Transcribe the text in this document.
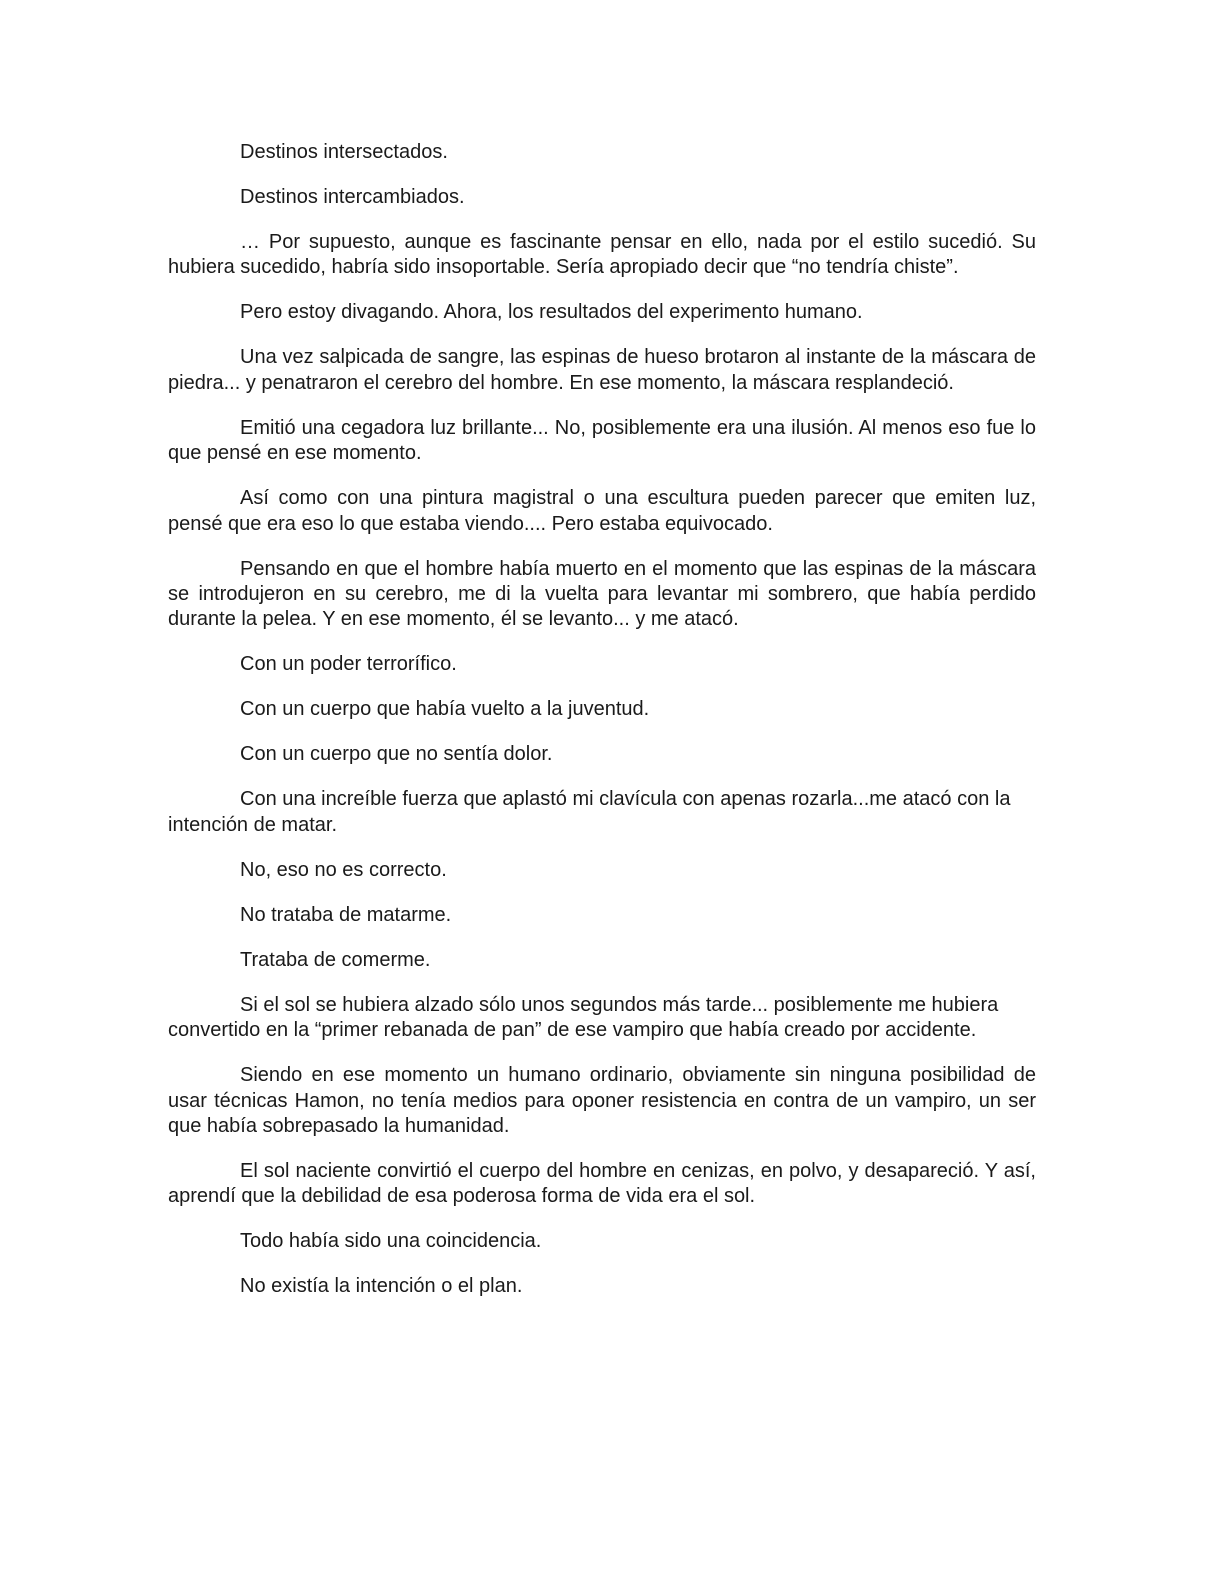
Destinos intersectados.

Destinos intercambiados.

… Por supuesto, aunque es fascinante pensar en ello, nada por el estilo sucedió. Su hubiera sucedido, habría sido insoportable. Sería apropiado decir que “no tendría chiste”.

Pero estoy divagando. Ahora, los resultados del experimento humano.

Una vez salpicada de sangre, las espinas de hueso brotaron al instante de la máscara de piedra... y penatraron el cerebro del hombre. En ese momento, la máscara resplandeció.

Emitió una cegadora luz brillante... No, posiblemente era una ilusión. Al menos eso fue lo que pensé en ese momento.

Así como con una pintura magistral o una escultura pueden parecer que emiten luz, pensé que era eso lo que estaba viendo.... Pero estaba equivocado.

Pensando en que el hombre había muerto en el momento que las espinas de la máscara se introdujeron en su cerebro, me di la vuelta para levantar mi sombrero, que había perdido durante la pelea. Y en ese momento, él se levanto... y me atacó.

Con un poder terrorífico.

Con un cuerpo que había vuelto a la juventud.

Con un cuerpo que no sentía dolor.

Con una increíble fuerza que aplastó mi clavícula con apenas rozarla...me atacó con la intención de matar.

No, eso no es correcto.

No trataba de matarme.

Trataba de comerme.

Si el sol se hubiera alzado sólo unos segundos más tarde... posiblemente me hubiera convertido en la “primer rebanada de pan” de ese vampiro que había creado por accidente.

Siendo en ese momento un humano ordinario, obviamente sin ninguna posibilidad de usar técnicas Hamon, no tenía medios para oponer resistencia en contra de un vampiro, un ser que había sobrepasado la humanidad.

El sol naciente convirtió el cuerpo del hombre en cenizas, en polvo, y desapareció. Y así, aprendí que la debilidad de esa poderosa forma de vida era el sol.

Todo había sido una coincidencia.

No existía la intención o el plan.
